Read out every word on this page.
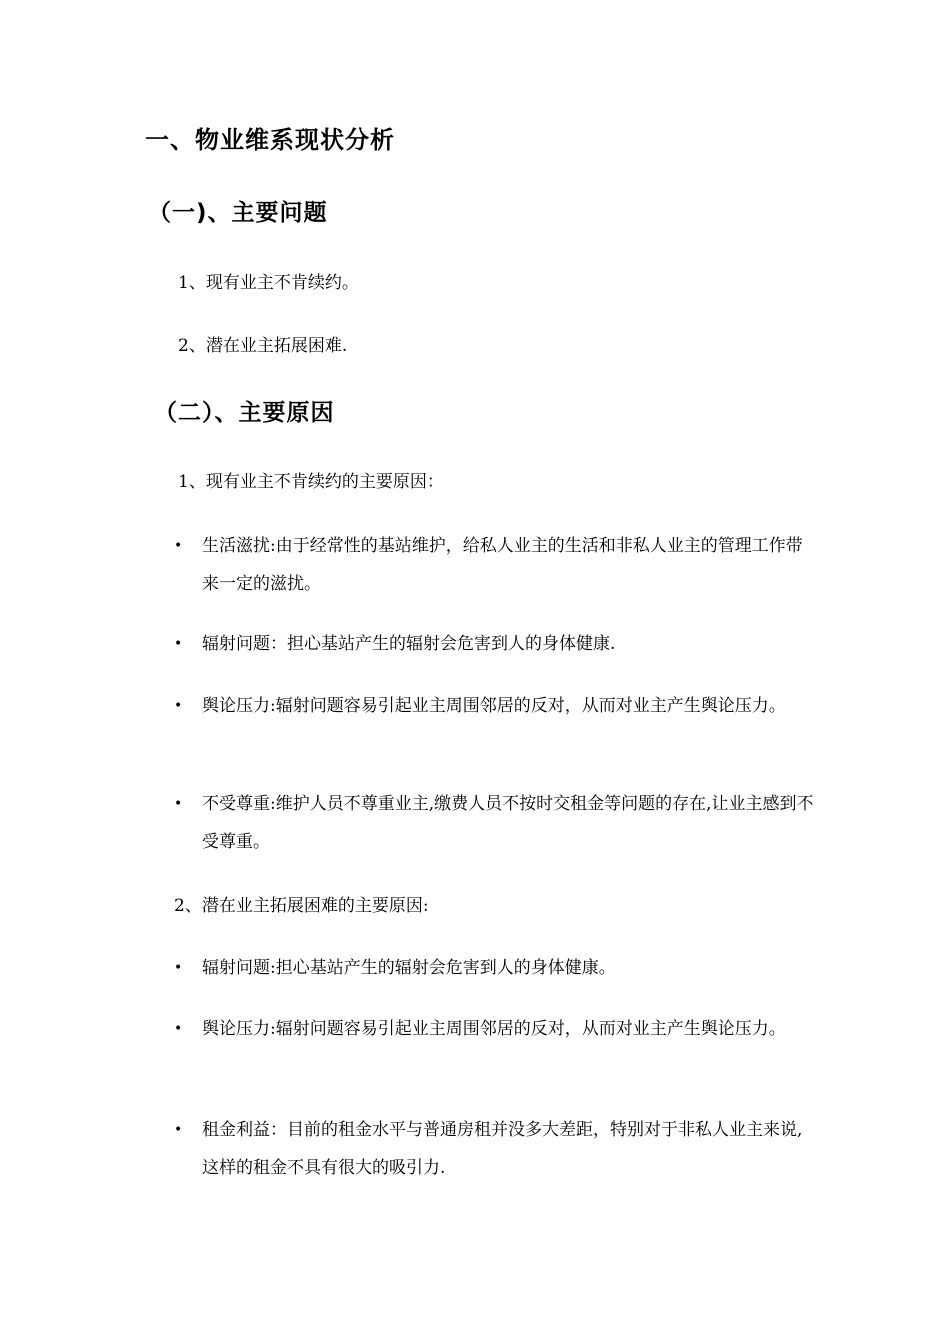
一、物业维系现状分析
（一)、主要问题
1、现有业主不肯续约。
2、潜在业主拓展困难.
（二）、主要原因
1、现有业主不肯续约的主要原因：
• 生活滋扰:由于经常性的基站维护，给私人业主的生活和非私人业主的管理工作带来一定的滋扰。
• 辐射问题：担心基站产生的辐射会危害到人的身体健康.
• 舆论压力:辐射问题容易引起业主周围邻居的反对，从而对业主产生舆论压力。
• 不受尊重:维护人员不尊重业主,缴费人员不按时交租金等问题的存在,让业主感到不受尊重。
2、潜在业主拓展困难的主要原因:
• 辐射问题:担心基站产生的辐射会危害到人的身体健康。
• 舆论压力:辐射问题容易引起业主周围邻居的反对，从而对业主产生舆论压力。
• 租金利益：目前的租金水平与普通房租并没多大差距，特别对于非私人业主来说,这样的租金不具有很大的吸引力.
